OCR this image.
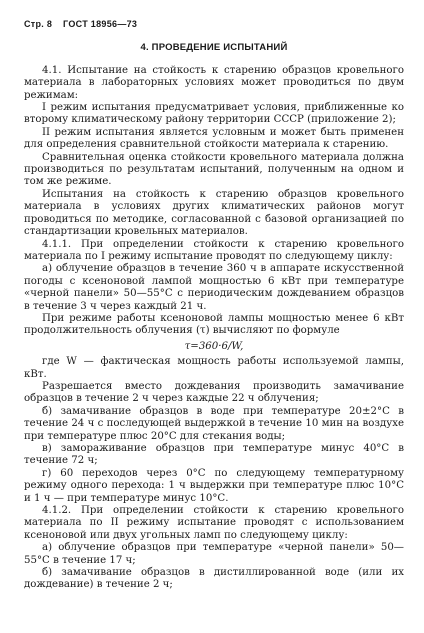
Стр. 8 ГОСТ 18956—73
4. ПРОВЕДЕНИЕ ИСПЫТАНИЙ

4.1. Испытание на стойкость к старению образцов кровельного материала в лабораторных условиях может проводиться по двум режимам:

I режим испытания предусматривает условия, приближенные ко второму климатическому району территории СССР (приложение 2);

II режим испытания является условным и может быть применен для определения сравнительной стойкости материала к старению.

Сравнительная оценка стойкости кровельного материала должна производиться по результатам испытаний, полученным на одном и том же режиме.

Испытания на стойкость к старению образцов кровельного материала в условиях других климатических районов могут проводиться по методике, согласованной с базовой организацией по стандартизации кровельных материалов.

4.1.1. При определении стойкости к старению кровельного материала по I режиму испытание проводят по следующему циклу:

а) облучение образцов в течение 360 ч в аппарате искусственной погоды с ксеноновой лампой мощностью 6 кВт при температуре «черной панели» 50—55°С с периодическим дождеванием образцов в течение 3 ч через каждый 21 ч.

При режиме работы ксеноновой лампы мощностью менее 6 кВт продолжительность облучения (τ) вычисляют по формуле

τ=360·6/W,

где W — фактическая мощность работы используемой лампы, кВт.

Разрешается вместо дождевания производить замачивание образцов в течение 2 ч через каждые 22 ч облучения;

б) замачивание образцов в воде при температуре 20±2°С в течение 24 ч с последующей выдержкой в течение 10 мин на воздухе при температуре плюс 20°С для стекания воды;

в) замораживание образцов при температуре минус 40°С в течение 72 ч;

г) 60 переходов через 0°С по следующему температурному режиму одного перехода: 1 ч выдержки при температуре плюс 10°С и 1 ч — при температуре минус 10°С.

4.1.2. При определении стойкости к старению кровельного материала по II режиму испытание проводят с использованием ксеноновой или двух угольных ламп по следующему циклу:

а) облучение образцов при температуре «черной панели» 50—55°С в течение 17 ч;

б) замачивание образцов в дистиллированной воде (или их дождевание) в течение 2 ч;
